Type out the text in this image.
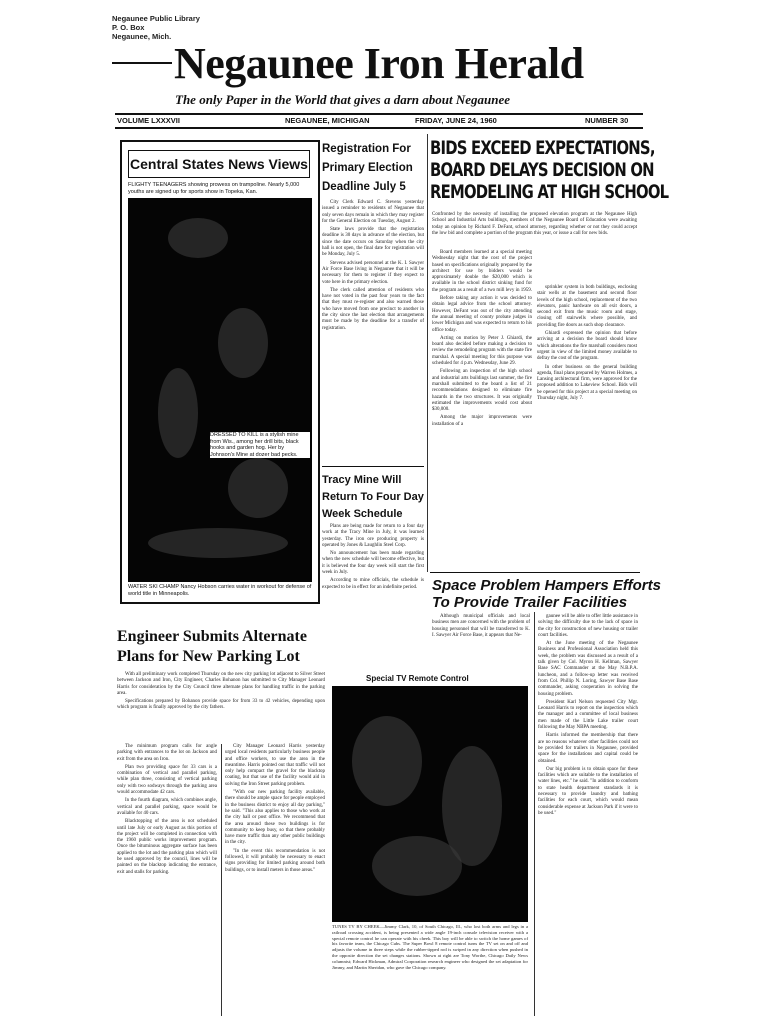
Negaunee Public Library
P. O. Box
Negaunee, Mich.
Negaunee Iron Herald
The only Paper in the World that gives a darn about Negaunee
VOLUME LXXXVII	NEGAUNEE, MICHIGAN	FRIDAY, JUNE 24, 1960	NUMBER 30
Central States News Views
FLIGHTY TEENAGERS showing prowess on trampoline. Nearly 5,000 youths are signed up for sports show in Topeka, Kan.
DRESSED TO KILL is a stylish mine from Wis., among her drill bits, black hooks and garden hog. Her by Johnson's Mine at dozer bad pecks.
WATER SKI CHAMP Nancy Hobson carries water in workout for defense of world title in Minneapolis.
Registration For Primary Election Deadline July 5

City Clerk Edward C. Stevens yesterday issued a reminder to residents of Negaunee that only seven days remain in which they may register for the General Election on Tuesday, August 2.

State laws provide that the registration deadline is 30 days in advance of the election, but since the date occurs on Saturday when the city hall is not open, the final date for registration will be Monday, July 5.

Stevens advised personnel at the K. I. Sawyer Air Force Base living in Negaunee that it will be necessary for them to register if they expect to vote here in the primary election.

The clerk called attention of residents who have not voted in the past four years to the fact that they must re-register and also warned those who have moved from one precinct to another in the city since the last election that arrangements must be made by the deadline for a transfer of registration.

Tracy Mine Will Return To Four Day Week Schedule

Plans are being made for return to a four day work at the Tracy Mine in July, it was learned yesterday. The iron ore producing property is operated by Jones & Laughlin Steel Corp.

No announcement has been made regarding when the new schedule will become effective, but it is believed the four day week will start the first week in July.

According to mine officials, the schedule is expected to be in effect for an indefinite period.

BIDS EXCEED EXPECTATIONS,
BOARD DELAYS DECISION ON
REMODELING AT HIGH SCHOOL
Confronted by the necessity of installing the proposed elevation program at the Negaunee High School and Industrial Arts buildings, members of the Negaunee Board of Education were awaiting today an opinion by Richard F. DeFant, school attorney, regarding whether or not they could accept the low bid and complete a portion of the program this year, or issue a call for new bids.

Board members learned at a special meeting Wednesday night that the cost of the project based on specifications originally prepared by the architect for use by bidders would be approximately double the $20,000 which is available in the school district sinking fund for the program as a result of a two mill levy in 1959.

Before taking any action it was decided to obtain legal advice from the school attorney. However, DeFant was out of the city attending the annual meeting of county probate judges in lower Michigan and was expected to return to his office today.

Acting on motion by Peter J. Ghiardi, the board also decided before making a decision to review the remodeling program with the state fire marshal. A special meeting for this purpose was scheduled for 4 p.m. Wednesday, June 29.

Following an inspection of the high school and industrial arts buildings last summer, the fire marshall submitted to the board a list of 21 recommendations designed to eliminate fire hazards in the two structures. It was originally estimated the improvements would cost about $30,000.

Among the major improvements were installation of a

sprinkler system in both buildings, enclosing stair wells at the basement and second floor levels of the high school, replacement of the two elevators, panic hardware on all exit doors, a second exit from the music room and stage, closing off stairwells where possible, and providing fire doors as such shop clearance.

Ghiardi expressed the opinion that before arriving at a decision the board should know which alterations the fire marshall considers most urgent in view of the limited money available to defray the cost of the program.

In other business on the general building agenda, final plans prepared by Warren Holmes, a Lansing architectural firm, were approved for the proposed addition to Lakeview School. Bids will be opened for this project at a special meeting on Thursday night, July 7.

Space Problem Hampers Efforts
To Provide Trailer Facilities

Although municipal officials and local business men are concerned with the problem of housing personnel that will be transferred to K. I. Sawyer Air Force Base, it appears that Ne-

gaunee will be able to offer little assistance in solving the difficulty due to the lack of space in the city for construction of new housing or trailer court facilities.

At the June meeting of the Negaunee Business and Professional Association held this week, the problem was discussed as a result of a talk given by Col. Myron H. Kellman, Sawyer Base SAC Commander at the May N.B.P.A. luncheon, and a follow-up letter was received from Col. Phillip N. Loring, Sawyer Base Base commander, asking cooperation in solving the housing problem.

President Karl Nelson requested City Mgr. Leonard Harris to report on the inspection which the manager and a committee of local business men made of the Little Lake trailer court following the May NBPA meeting.

Harris informed the membership that there are no reasons whatever other facilities could not be provided for trailers in Negaunee, provided space for the installations and capital could be obtained.

Our big problem is to obtain space for these facilities which are suitable to the installation of water lines, etc." he said. "In addition to conform to state health department standards it is necessary to provide laundry and bathing facilities for each court, which would mean considerable expense at Jackson Park if it were to be used."

Special TV Remote Control
TUNES TV BY CHEEK—Jimmy Clark, 10, of South Chicago, Ill., who lost both arms and legs in a railroad crossing accident, is being presented a wide angle 19-inch console television receiver with a special remote control he can operate with his cheek. This boy will be able to switch the home games of his favorite team, the Chicago Cubs. The Super Bowl 8 remote control turns the TV set on and off and adjusts the volume in three steps while the rubber-tipped rod is swiped in any direction when pushed in the opposite direction the set changes stations. Shown at right are Tony Worthe, Chicago Daily News columnist; Edward Hickman, Admiral Corporation research engineer who designed the set adaptation for Jimmy, and Martin Sheridan, who gave the Chicago company.
Engineer Submits Alternate
Plans for New Parking Lot

With all preliminary work completed Thursday on the new city parking lot adjacent to Silver Street between Jackson and Iron, City Engineer, Charles Bohanon has submitted to City Manager Leonard Harris for consideration by the City Council three alternate plans for handling traffic in the parking area.

Specifications prepared by Bohanon provide space for from 33 to 42 vehicles, depending upon which program is finally approved by the city fathers.

The minimum program calls for angle parking with entrances to the lot on Jackson and exit from the area on Iron.

Plan two providing space for 33 cars is a combination of vertical and parallel parking, while plan three, consisting of vertical parking only with two sodways through the parking area would accommodate 42 cars.

In the fourth diagram, which combines angle, vertical and parallel parking, space would be available for 40 cars.

Blacktopping of the area is not scheduled until late July or early August as this portion of the project will be completed in connection with the 1960 public works improvement program. Once the bituminous aggregate surface has been applied to the lot and the parking plan which will be used approved by the council, lines will be painted on the blacktop indicating the entrance, exit and stalls for parking.

City Manager Leonard Harris yesterday urged local residents particularly business people and office workers, to use the area in the meantime. Harris pointed out that traffic will not only help compact the gravel for the blacktop coating, but that use of the facility would aid in solving the Iron Street parking problem.

"With our new parking facility available, there should be ample space for people employed in the business district to enjoy all day parking," he said. "This also applies to those who work at the city hall or post office. We recommend that the area around these two buildings is for community to keep busy, so that there probably have more traffic than any other public buildings in the city.

"In the event this recommendation is not followed, it will probably be necessary to enact signs providing for limited parking around both buildings, or to install meters in those areas."
